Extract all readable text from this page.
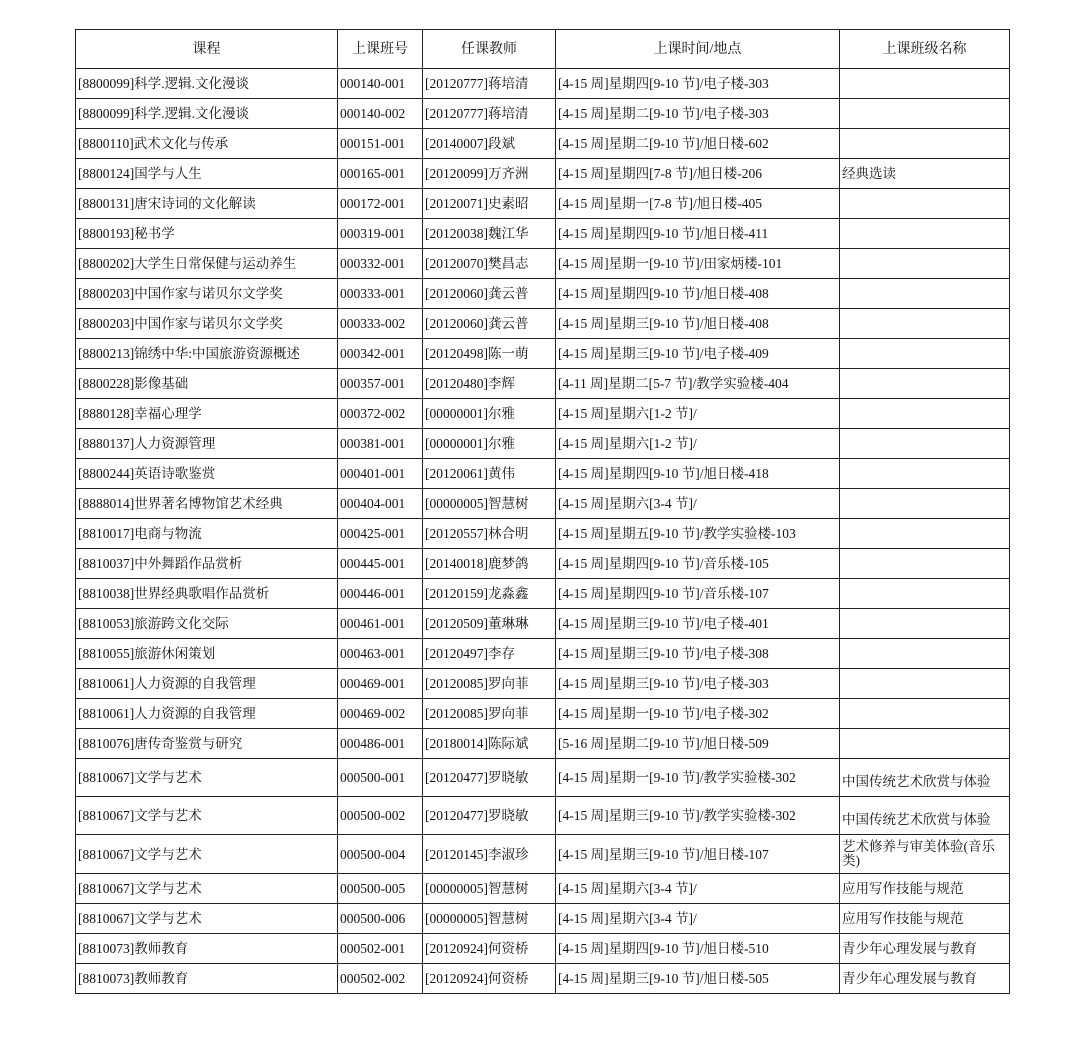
课程	上课班号	任课教师	上课时间/地点	上课班级名称
[8800099]科学.逻辑.文化漫谈	000140-001	[20120777]蒋培清	[4-15 周]星期四[9-10 节]/电子楼-303	
[8800099]科学.逻辑.文化漫谈	000140-002	[20120777]蒋培清	[4-15 周]星期二[9-10 节]/电子楼-303	
[8800110]武术文化与传承	000151-001	[20140007]段斌	[4-15 周]星期二[9-10 节]/旭日楼-602	
[8800124]国学与人生	000165-001	[20120099]万齐洲	[4-15 周]星期四[7-8 节]/旭日楼-206	经典选读
[8800131]唐宋诗词的文化解读	000172-001	[20120071]史素昭	[4-15 周]星期一[7-8 节]/旭日楼-405	
[8800193]秘书学	000319-001	[20120038]魏江华	[4-15 周]星期四[9-10 节]/旭日楼-411	
[8800202]大学生日常保健与运动养生	000332-001	[20120070]樊昌志	[4-15 周]星期一[9-10 节]/田家炳楼-101	
[8800203]中国作家与诺贝尔文学奖	000333-001	[20120060]龚云普	[4-15 周]星期四[9-10 节]/旭日楼-408	
[8800203]中国作家与诺贝尔文学奖	000333-002	[20120060]龚云普	[4-15 周]星期三[9-10 节]/旭日楼-408	
[8800213]锦绣中华:中国旅游资源概述	000342-001	[20120498]陈一萌	[4-15 周]星期三[9-10 节]/电子楼-409	
[8800228]影像基础	000357-001	[20120480]李辉	[4-11 周]星期二[5-7 节]/教学实验楼-404	
[8880128]幸福心理学	000372-002	[00000001]尔雅	[4-15 周]星期六[1-2 节]/	
[8880137]人力资源管理	000381-001	[00000001]尔雅	[4-15 周]星期六[1-2 节]/	
[8800244]英语诗歌鉴赏	000401-001	[20120061]黄伟	[4-15 周]星期四[9-10 节]/旭日楼-418	
[8888014]世界著名博物馆艺术经典	000404-001	[00000005]智慧树	[4-15 周]星期六[3-4 节]/	
[8810017]电商与物流	000425-001	[20120557]林合明	[4-15 周]星期五[9-10 节]/教学实验楼-103	
[8810037]中外舞蹈作品赏析	000445-001	[20140018]鹿梦鸽	[4-15 周]星期四[9-10 节]/音乐楼-105	
[8810038]世界经典歌唱作品赏析	000446-001	[20120159]龙淼鑫	[4-15 周]星期四[9-10 节]/音乐楼-107	
[8810053]旅游跨文化交际	000461-001	[20120509]董琳琳	[4-15 周]星期三[9-10 节]/电子楼-401	
[8810055]旅游休闲策划	000463-001	[20120497]李存	[4-15 周]星期三[9-10 节]/电子楼-308	
[8810061]人力资源的自我管理	000469-001	[20120085]罗向菲	[4-15 周]星期三[9-10 节]/电子楼-303	
[8810061]人力资源的自我管理	000469-002	[20120085]罗向菲	[4-15 周]星期一[9-10 节]/电子楼-302	
[8810076]唐传奇鉴赏与研究	000486-001	[20180014]陈际斌	[5-16 周]星期二[9-10 节]/旭日楼-509	
[8810067]文学与艺术	000500-001	[20120477]罗晓敏	[4-15 周]星期一[9-10 节]/教学实验楼-302	中国传统艺术欣赏与体验
[8810067]文学与艺术	000500-002	[20120477]罗晓敏	[4-15 周]星期三[9-10 节]/教学实验楼-302	中国传统艺术欣赏与体验
[8810067]文学与艺术	000500-004	[20120145]李淑珍	[4-15 周]星期三[9-10 节]/旭日楼-107	艺术修养与审美体验(音乐类)
[8810067]文学与艺术	000500-005	[00000005]智慧树	[4-15 周]星期六[3-4 节]/	应用写作技能与规范
[8810067]文学与艺术	000500-006	[00000005]智慧树	[4-15 周]星期六[3-4 节]/	应用写作技能与规范
[8810073]教师教育	000502-001	[20120924]何资桥	[4-15 周]星期四[9-10 节]/旭日楼-510	青少年心理发展与教育
[8810073]教师教育	000502-002	[20120924]何资桥	[4-15 周]星期三[9-10 节]/旭日楼-505	青少年心理发展与教育
